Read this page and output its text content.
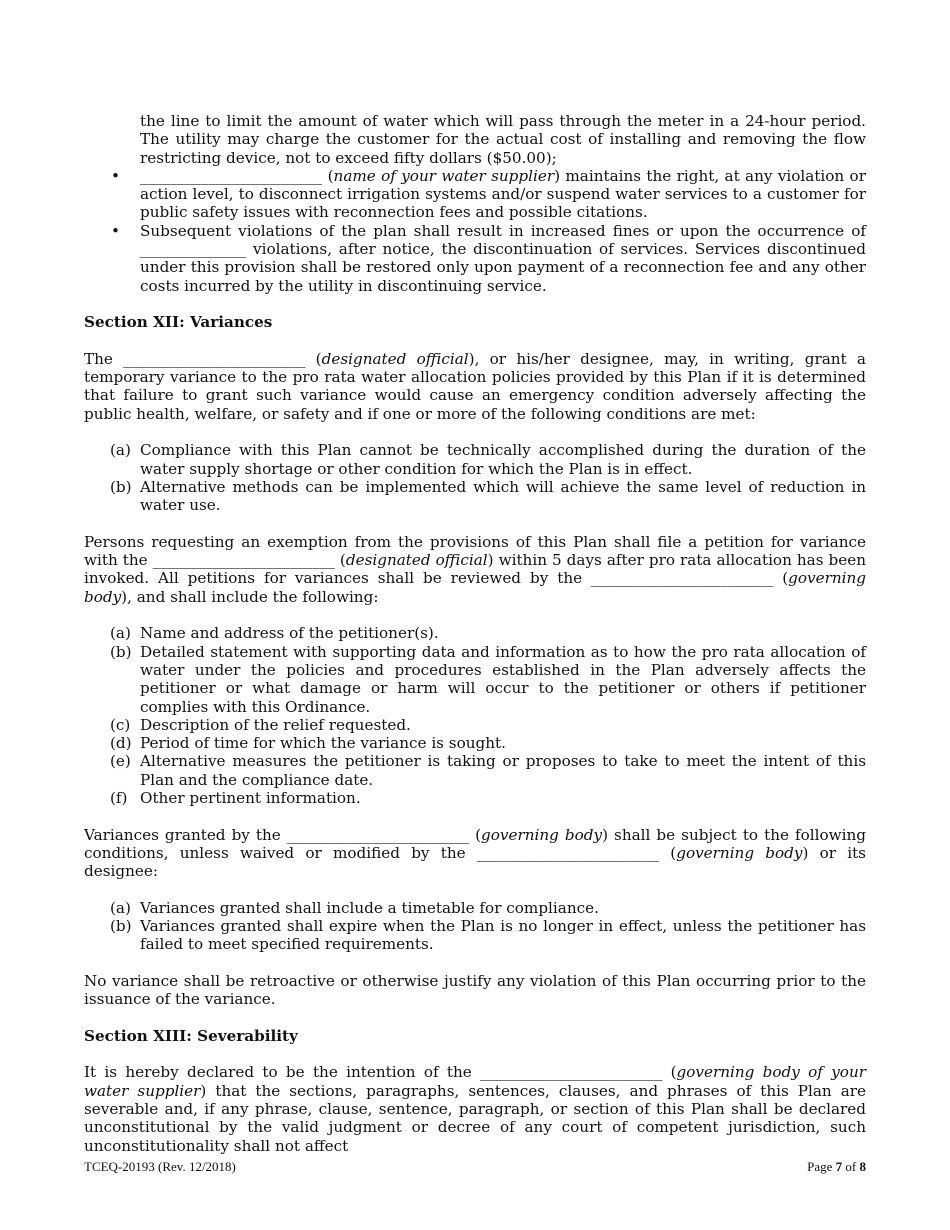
the line to limit the amount of water which will pass through the meter in a 24-hour period. The utility may charge the customer for the actual cost of installing and removing the flow restricting device, not to exceed fifty dollars ($50.00);

• ________________________ (name of your water supplier) maintains the right, at any violation or action level, to disconnect irrigation systems and/or suspend water services to a customer for public safety issues with reconnection fees and possible citations.
• Subsequent violations of the plan shall result in increased fines or upon the occurrence of ______________ violations, after notice, the discontinuation of services. Services discontinued under this provision shall be restored only upon payment of a reconnection fee and any other costs incurred by the utility in discontinuing service.

Section XII: Variances

The ________________________ (designated official), or his/her designee, may, in writing, grant a temporary variance to the pro rata water allocation policies provided by this Plan if it is determined that failure to grant such variance would cause an emergency condition adversely affecting the public health, welfare, or safety and if one or more of the following conditions are met:

(a) Compliance with this Plan cannot be technically accomplished during the duration of the water supply shortage or other condition for which the Plan is in effect.
(b) Alternative methods can be implemented which will achieve the same level of reduction in water use.

Persons requesting an exemption from the provisions of this Plan shall file a petition for variance with the ________________________ (designated official) within 5 days after pro rata allocation has been invoked. All petitions for variances shall be reviewed by the ________________________ (governing body), and shall include the following:

(a) Name and address of the petitioner(s).
(b) Detailed statement with supporting data and information as to how the pro rata allocation of water under the policies and procedures established in the Plan adversely affects the petitioner or what damage or harm will occur to the petitioner or others if petitioner complies with this Ordinance.
(c) Description of the relief requested.
(d) Period of time for which the variance is sought.
(e) Alternative measures the petitioner is taking or proposes to take to meet the intent of this Plan and the compliance date.
(f) Other pertinent information.

Variances granted by the ________________________ (governing body) shall be subject to the following conditions, unless waived or modified by the ________________________ (governing body) or its designee:

(a) Variances granted shall include a timetable for compliance.
(b) Variances granted shall expire when the Plan is no longer in effect, unless the petitioner has failed to meet specified requirements.

No variance shall be retroactive or otherwise justify any violation of this Plan occurring prior to the issuance of the variance.

Section XIII: Severability

It is hereby declared to be the intention of the ________________________ (governing body of your water supplier) that the sections, paragraphs, sentences, clauses, and phrases of this Plan are severable and, if any phrase, clause, sentence, paragraph, or section of this Plan shall be declared unconstitutional by the valid judgment or decree of any court of competent jurisdiction, such unconstitutionality shall not affect

TCEQ-20193 (Rev. 12/2018)	Page 7 of 8
